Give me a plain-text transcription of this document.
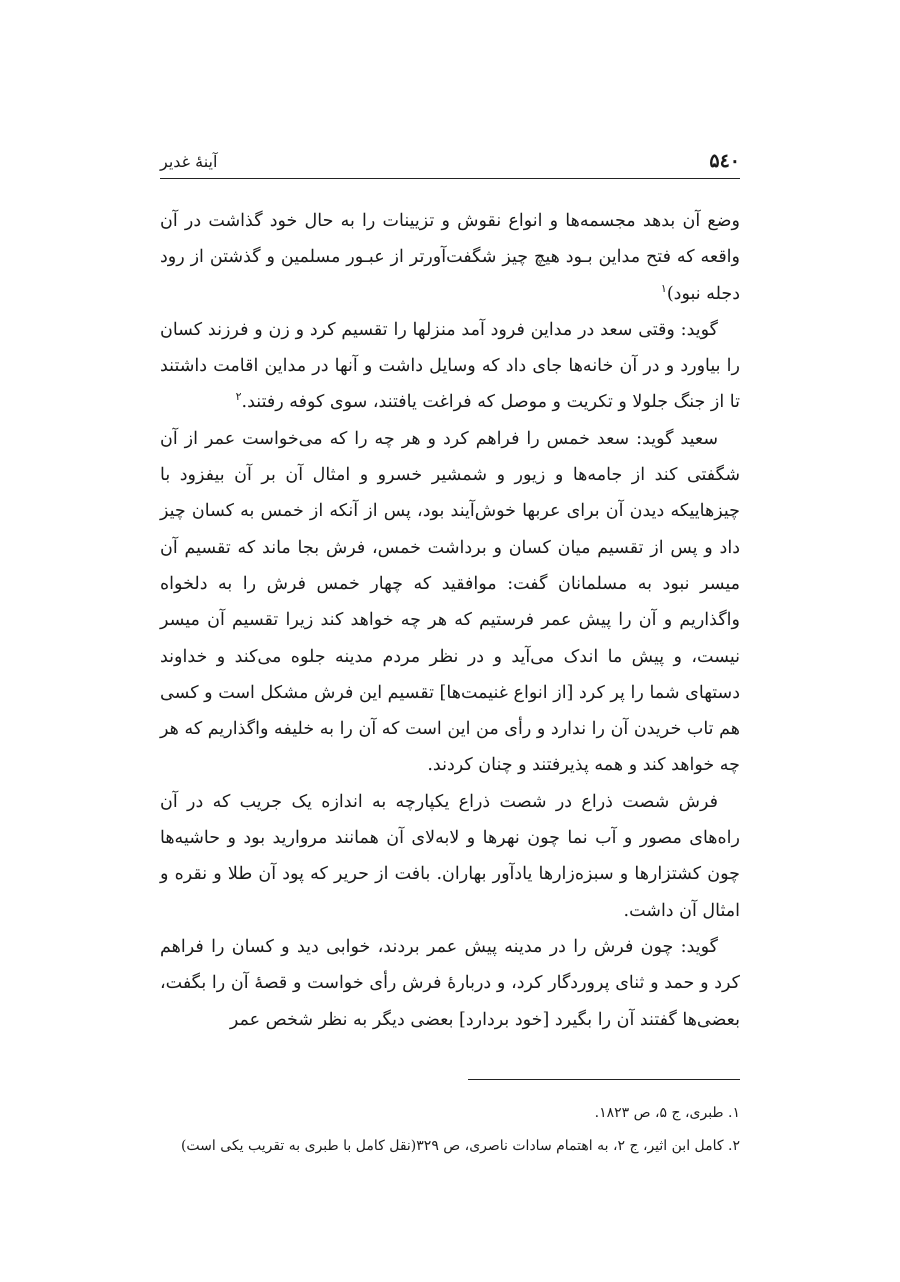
۵٤۰
آینهٔ غدیر

وضع آن بدهد مجسمه‌ها و انواع نقوش و تزیینات را به حال خود گذاشت در آن واقعه که فتح مداین بـود هیچ چیز شگفت‌آورتر از عبـور مسلمین و گذشتن از رود دجله نبود)$^۱$

گوید: وقتی سعد در مداین فرود آمد منزلها را تقسیم کرد و زن و فرزند کسان را بیاورد و در آن خانه‌ها جای داد که وسایل داشت و آنها در مداین اقامت داشتند تا از جنگ جلولا و تکریت و موصل که فراغت یافتند، سوی کوفه رفتند.$^۲$

سعید گوید: سعد خمس را فراهم کرد و هر چه را که می‌خواست عمر از آن شگفتی کند از جامه‌ها و زیور و شمشیر خسرو و امثال آن بر آن بیفزود با چیزهاییکه دیدن آن برای عربها خوش‌آیند بود، پس از آنکه از خمس به کسان چیز داد و پس از تقسیم میان کسان و برداشت خمس، فرش بجا ماند که تقسیم آن میسر نبود به مسلمانان گفت: موافقید که چهار خمس فرش را به دلخواه واگذاریم و آن را پیش عمر فرستیم که هر چه خواهد کند زیرا تقسیم آن میسر نیست، و پیش ما اندک می‌آید و در نظر مردم مدینه جلوه می‌کند و خداوند دستهای شما را پر کرد [از انواع غنیمت‌ها] تقسیم این فرش مشکل است و کسی هم تاب خریدن آن را ندارد و رأی من این است که آن را به خلیفه واگذاریم که هر چه خواهد کند و همه پذیرفتند و چنان کردند.

فرش شصت ذراع در شصت ذراع یکپارچه به اندازه یک جریب که در آن راه‌های مصور و آب نما چون نهرها و لابه‌لای آن همانند مروارید بود و حاشیه‌ها چون کشتزارها و سبزه‌زارها یادآور بهاران. بافت از حریر که پود آن طلا و نقره و امثال آن داشت.

گوید: چون فرش را در مدینه پیش عمر بردند، خوابی دید و کسان را فراهم کرد و حمد و ثنای پروردگار کرد، و دربارهٔ فرش رأی خواست و قصهٔ آن را بگفت، بعضی‌ها گفتند آن را بگیرد [خود بردارد] بعضی دیگر به نظر شخص عمر

۱. طبری، ج ۵، ص ۱۸۲۳.

۲. کامل ابن اثیر، ج ۲، به اهتمام سادات ناصری، ص ۳۲۹(نقل کامل با طبری به تقریب یکی است)
